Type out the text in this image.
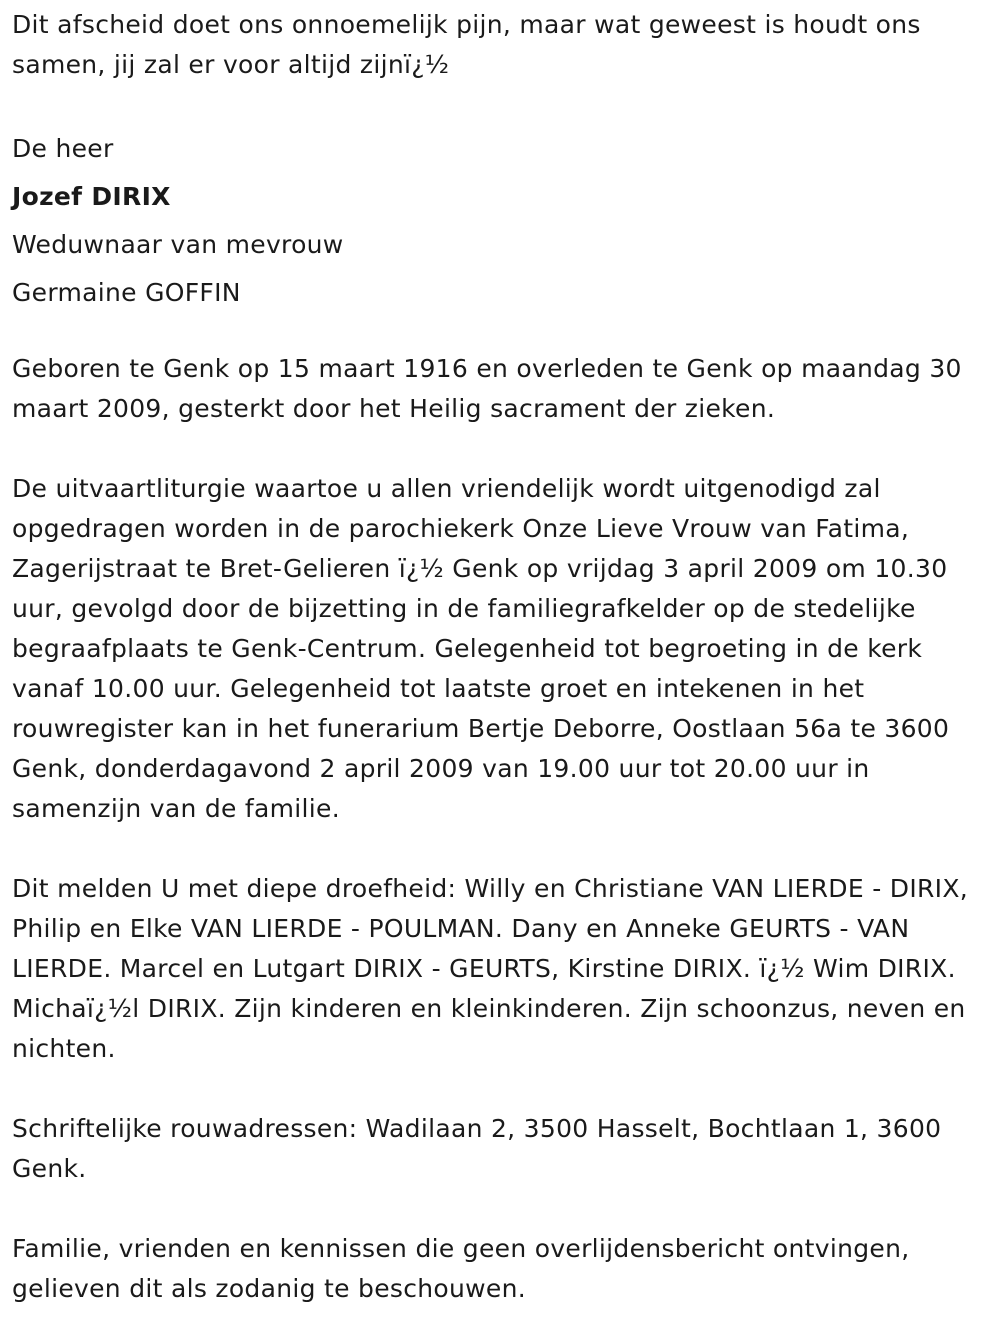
Dit afscheid doet ons onnoemelijk pijn, maar wat geweest is houdt ons samen, jij zal er voor altijd zijnï¿½

De heer

Jozef DIRIX

Weduwnaar van mevrouw

Germaine GOFFIN

Geboren te Genk op 15 maart 1916 en overleden te Genk op maandag 30 maart 2009, gesterkt door het Heilig sacrament der zieken.

De uitvaartliturgie waartoe u allen vriendelijk wordt uitgenodigd zal opgedragen worden in de parochiekerk Onze Lieve Vrouw van Fatima, Zagerijstraat te Bret-Gelieren ï¿½ Genk op vrijdag 3 april 2009 om 10.30 uur, gevolgd door de bijzetting in de familiegrafkelder op de stedelijke begraafplaats te Genk-Centrum. Gelegenheid tot begroeting in de kerk vanaf 10.00 uur. Gelegenheid tot laatste groet en intekenen in het rouwregister kan in het funerarium Bertje Deborre, Oostlaan 56a te 3600 Genk, donderdagavond 2 april 2009 van 19.00 uur tot 20.00 uur in samenzijn van de familie.

Dit melden U met diepe droefheid: Willy en Christiane VAN LIERDE - DIRIX, Philip en Elke VAN LIERDE - POULMAN. Dany en Anneke GEURTS - VAN LIERDE. Marcel en Lutgart DIRIX - GEURTS, Kirstine DIRIX. ï¿½ Wim DIRIX. Michaï¿½l DIRIX. Zijn kinderen en kleinkinderen. Zijn schoonzus, neven en nichten.

Schriftelijke rouwadressen: Wadilaan 2, 3500 Hasselt, Bochtlaan 1, 3600 Genk.

Familie, vrienden en kennissen die geen overlijdensbericht ontvingen, gelieven dit als zodanig te beschouwen.
